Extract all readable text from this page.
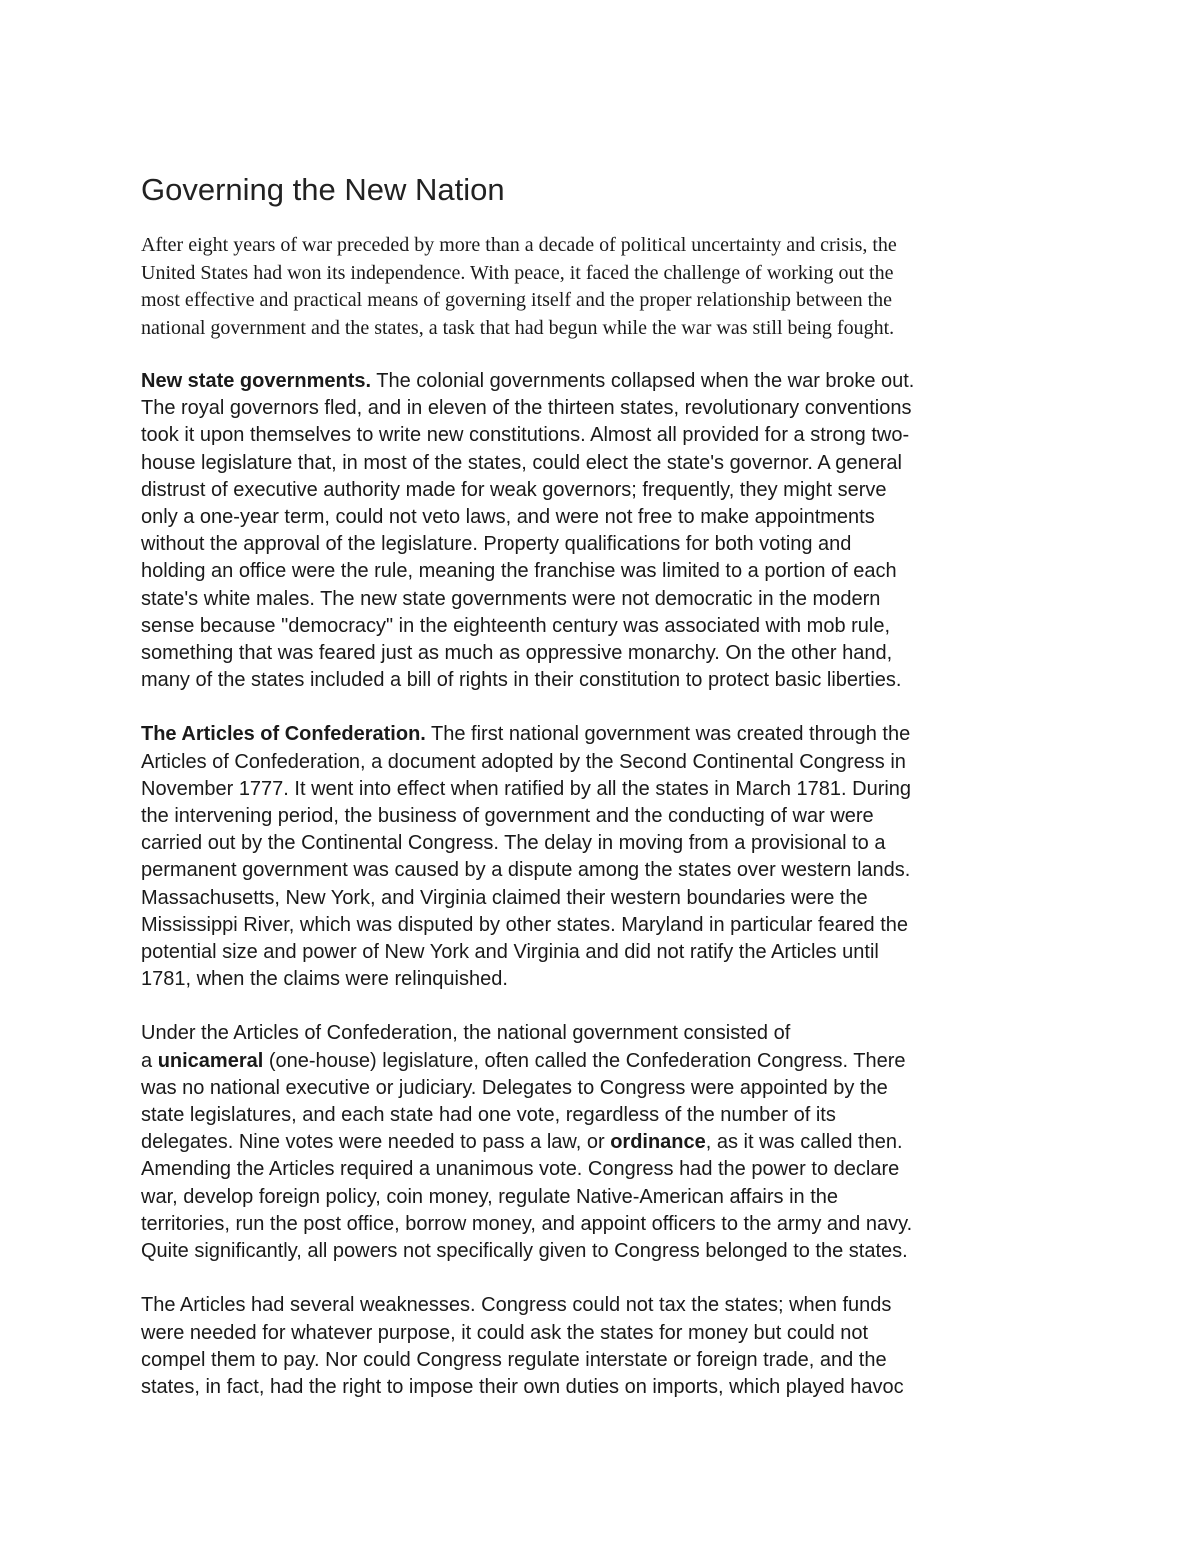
Governing the New Nation

After eight years of war preceded by more than a decade of political uncertainty and crisis, the
United States had won its independence. With peace, it faced the challenge of working out the
most effective and practical means of governing itself and the proper relationship between the
national government and the states, a task that had begun while the war was still being fought.

New state governments. The colonial governments collapsed when the war broke out.
The royal governors fled, and in eleven of the thirteen states, revolutionary conventions
took it upon themselves to write new constitutions. Almost all provided for a strong two-
house legislature that, in most of the states, could elect the state's governor. A general
distrust of executive authority made for weak governors; frequently, they might serve
only a one-year term, could not veto laws, and were not free to make appointments
without the approval of the legislature. Property qualifications for both voting and
holding an office were the rule, meaning the franchise was limited to a portion of each
state's white males. The new state governments were not democratic in the modern
sense because "democracy" in the eighteenth century was associated with mob rule,
something that was feared just as much as oppressive monarchy. On the other hand,
many of the states included a bill of rights in their constitution to protect basic liberties.

The Articles of Confederation. The first national government was created through the
Articles of Confederation, a document adopted by the Second Continental Congress in
November 1777. It went into effect when ratified by all the states in March 1781. During
the intervening period, the business of government and the conducting of war were
carried out by the Continental Congress. The delay in moving from a provisional to a
permanent government was caused by a dispute among the states over western lands.
Massachusetts, New York, and Virginia claimed their western boundaries were the
Mississippi River, which was disputed by other states. Maryland in particular feared the
potential size and power of New York and Virginia and did not ratify the Articles until
1781, when the claims were relinquished.

Under the Articles of Confederation, the national government consisted of
a unicameral (one-house) legislature, often called the Confederation Congress. There
was no national executive or judiciary. Delegates to Congress were appointed by the
state legislatures, and each state had one vote, regardless of the number of its
delegates. Nine votes were needed to pass a law, or ordinance, as it was called then.
Amending the Articles required a unanimous vote. Congress had the power to declare
war, develop foreign policy, coin money, regulate Native-American affairs in the
territories, run the post office, borrow money, and appoint officers to the army and navy.
Quite significantly, all powers not specifically given to Congress belonged to the states.

The Articles had several weaknesses. Congress could not tax the states; when funds
were needed for whatever purpose, it could ask the states for money but could not
compel them to pay. Nor could Congress regulate interstate or foreign trade, and the
states, in fact, had the right to impose their own duties on imports, which played havoc
